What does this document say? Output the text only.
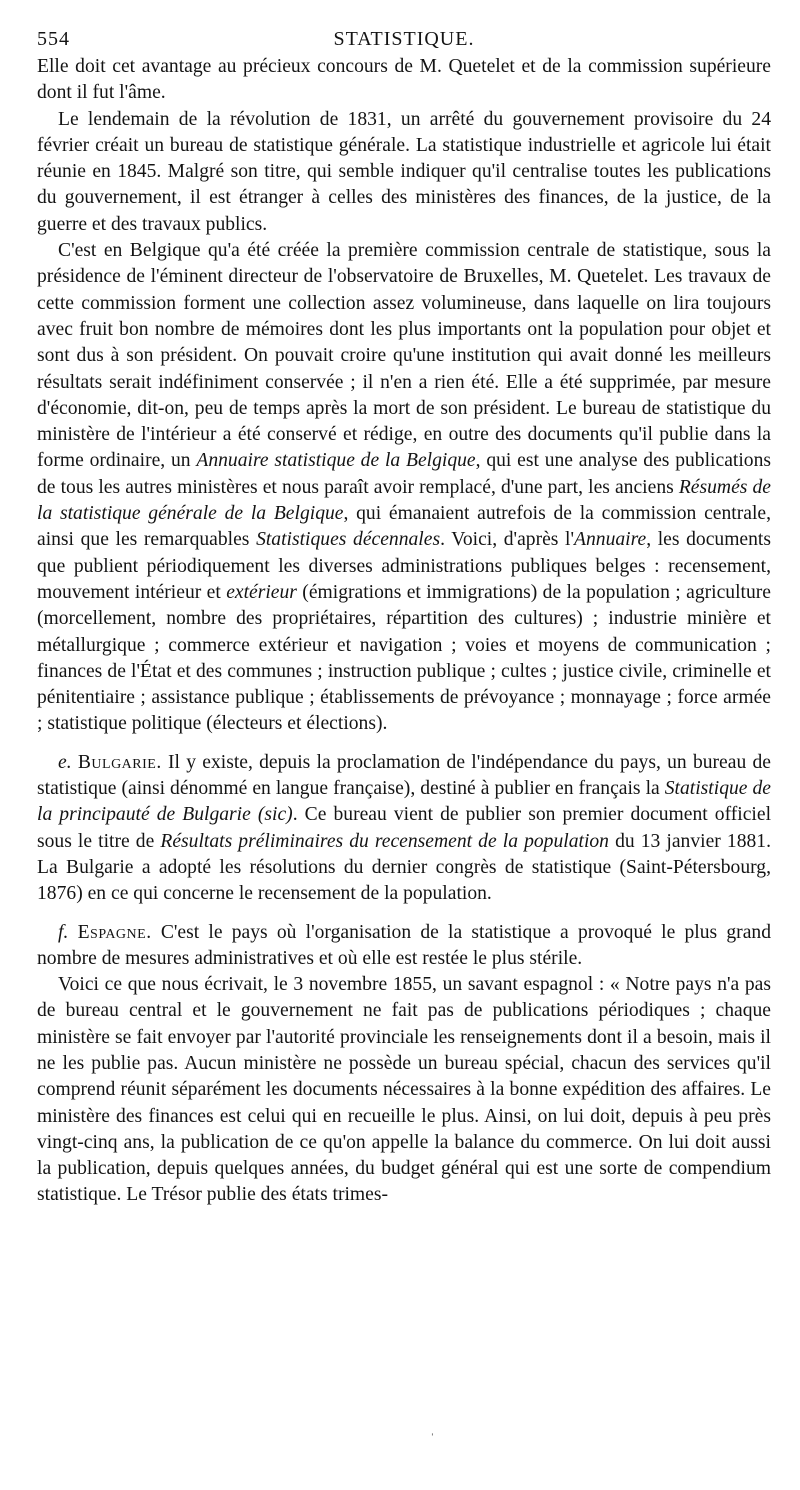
554	STATISTIQUE.

Elle doit cet avantage au précieux concours de M. Quetelet et de la commission supérieure dont il fut l'âme.

Le lendemain de la révolution de 1831, un arrêté du gouvernement provisoire du 24 février créait un bureau de statistique générale. La statistique industrielle et agricole lui était réunie en 1845. Malgré son titre, qui semble indiquer qu'il centralise toutes les publications du gouvernement, il est étranger à celles des ministères des finances, de la justice, de la guerre et des travaux publics.

C'est en Belgique qu'a été créée la première commission centrale de statistique, sous la présidence de l'éminent directeur de l'observatoire de Bruxelles, M. Quetelet. Les travaux de cette commission forment une collection assez volumineuse, dans laquelle on lira toujours avec fruit bon nombre de mémoires dont les plus importants ont la population pour objet et sont dus à son président. On pouvait croire qu'une institution qui avait donné les meilleurs résultats serait indéfiniment conservée ; il n'en a rien été. Elle a été supprimée, par mesure d'économie, dit-on, peu de temps après la mort de son président. Le bureau de statistique du ministère de l'intérieur a été conservé et rédige, en outre des documents qu'il publie dans la forme ordinaire, un Annuaire statistique de la Belgique, qui est une analyse des publications de tous les autres ministères et nous paraît avoir remplacé, d'une part, les anciens Résumés de la statistique générale de la Belgique, qui émanaient autrefois de la commission centrale, ainsi que les remarquables Statistiques décennales. Voici, d'après l'Annuaire, les documents que publient périodiquement les diverses administrations publiques belges : recensement, mouvement intérieur et extérieur (émigrations et immigrations) de la population ; agriculture (morcellement, nombre des propriétaires, répartition des cultures) ; industrie minière et métallurgique ; commerce extérieur et navigation ; voies et moyens de communication ; finances de l'État et des communes ; instruction publique ; cultes ; justice civile, criminelle et pénitentiaire ; assistance publique ; établissements de prévoyance ; monnayage ; force armée ; statistique politique (électeurs et élections).

e. Bulgarie. Il y existe, depuis la proclamation de l'indépendance du pays, un bureau de statistique (ainsi dénommé en langue française), destiné à publier en français la Statistique de la principauté de Bulgarie (sic). Ce bureau vient de publier son premier document officiel sous le titre de Résultats préliminaires du recensement de la population du 13 janvier 1881. La Bulgarie a adopté les résolutions du dernier congrès de statistique (Saint-Pétersbourg, 1876) en ce qui concerne le recensement de la population.

f. Espagne. C'est le pays où l'organisation de la statistique a provoqué le plus grand nombre de mesures administratives et où elle est restée le plus stérile.

Voici ce que nous écrivait, le 3 novembre 1855, un savant espagnol : « Notre pays n'a pas de bureau central et le gouvernement ne fait pas de publications périodiques ; chaque ministère se fait envoyer par l'autorité provinciale les renseignements dont il a besoin, mais il ne les publie pas. Aucun ministère ne possède un bureau spécial, chacun des services qu'il comprend réunit séparément les documents nécessaires à la bonne expédition des affaires. Le ministère des finances est celui qui en recueille le plus. Ainsi, on lui doit, depuis à peu près vingt-cinq ans, la publication de ce qu'on appelle la balance du commerce. On lui doit aussi la publication, depuis quelques années, du budget général qui est une sorte de compendium statistique. Le Trésor publie des états trimes-

ˈ
